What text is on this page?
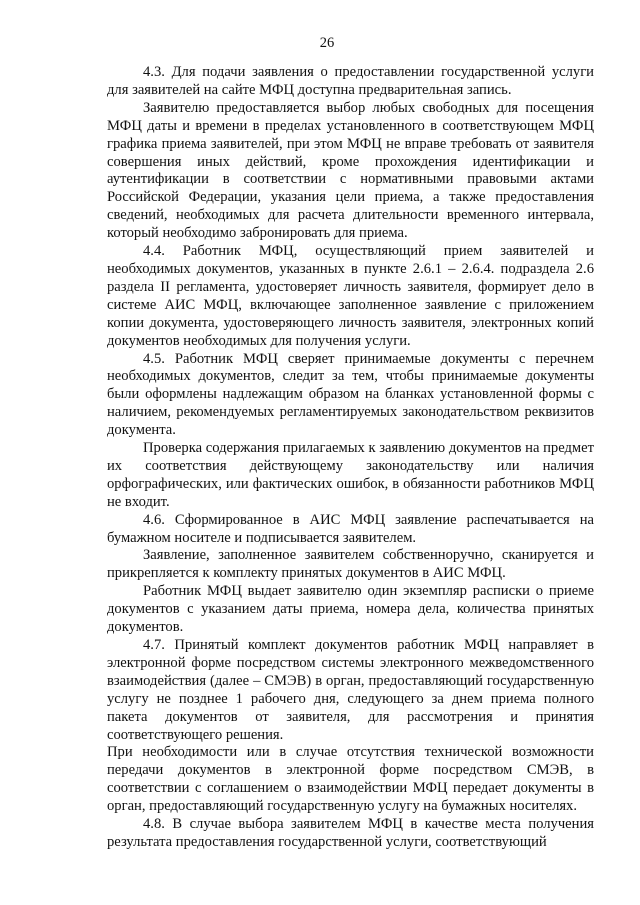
26

4.3. Для подачи заявления о предоставлении государственной услуги для заявителей на сайте МФЦ доступна предварительная запись.

Заявителю предоставляется выбор любых свободных для посещения МФЦ даты и времени в пределах установленного в соответствующем МФЦ графика приема заявителей, при этом МФЦ не вправе требовать от заявителя совершения иных действий, кроме прохождения идентификации и аутентификации в соответствии с нормативными правовыми актами Российской Федерации, указания цели приема, а также предоставления сведений, необходимых для расчета длительности временного интервала, который необходимо забронировать для приема.

4.4. Работник МФЦ, осуществляющий прием заявителей и необходимых документов, указанных в пункте 2.6.1 – 2.6.4. подраздела 2.6 раздела II регламента, удостоверяет личность заявителя, формирует дело в системе АИС МФЦ, включающее заполненное заявление с приложением копии документа, удостоверяющего личность заявителя, электронных копий документов необходимых для получения услуги.

4.5. Работник МФЦ сверяет принимаемые документы с перечнем необходимых документов, следит за тем, чтобы принимаемые документы были оформлены надлежащим образом на бланках установленной формы с наличием, рекомендуемых регламентируемых законодательством реквизитов документа.

Проверка содержания прилагаемых к заявлению документов на предмет их соответствия действующему законодательству или наличия орфографических, или фактических ошибок, в обязанности работников МФЦ не входит.

4.6. Сформированное в АИС МФЦ заявление распечатывается на бумажном носителе и подписывается заявителем.

Заявление, заполненное заявителем собственноручно, сканируется и прикрепляется к комплекту принятых документов в АИС МФЦ.

Работник МФЦ выдает заявителю один экземпляр расписки о приеме документов с указанием даты приема, номера дела, количества принятых документов.

4.7. Принятый комплект документов работник МФЦ направляет в электронной форме посредством системы электронного межведомственного взаимодействия (далее – СМЭВ) в орган, предоставляющий государственную услугу не позднее 1 рабочего дня, следующего за днем приема полного пакета документов от заявителя, для рассмотрения и принятия соответствующего решения.

При необходимости или в случае отсутствия технической возможности передачи документов в электронной форме посредством СМЭВ, в соответствии с соглашением о взаимодействии МФЦ передает документы в орган, предоставляющий государственную услугу на бумажных носителях.

4.8. В случае выбора заявителем МФЦ в качестве места получения результата предоставления государственной услуги, соответствующий
